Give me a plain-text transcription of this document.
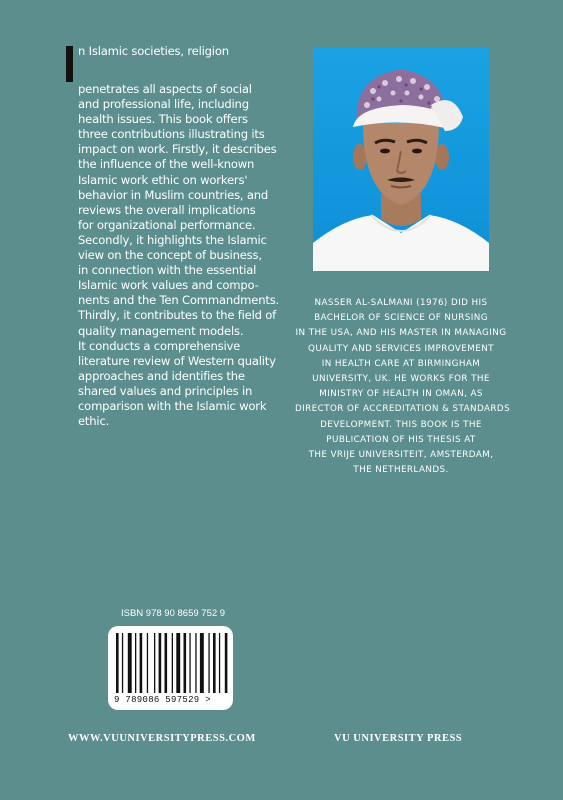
n Islamic societies, religion
penetrates all aspects of social
and professional life, including
health issues. This book offers
three contributions illustrating its
impact on work. Firstly, it describes
the influence of the well-known
Islamic work ethic on workers'
behavior in Muslim countries, and
reviews the overall implications
for organizational performance.
Secondly, it highlights the Islamic
view on the concept of business,
in connection with the essential
Islamic work values and compo-
nents and the Ten Commandments.
Thirdly, it contributes to the field of
quality management models.
It conducts a comprehensive
literature review of Western quality
approaches and identifies the
shared values and principles in
comparison with the Islamic work
ethic.
NASSER AL-SALMANI (1976) DID HIS
BACHELOR OF SCIENCE OF NURSING
IN THE USA, AND HIS MASTER IN MANAGING
QUALITY AND SERVICES IMPROVEMENT
IN HEALTH CARE AT BIRMINGHAM
UNIVERSITY, UK. HE WORKS FOR THE
MINISTRY OF HEALTH IN OMAN, AS
DIRECTOR OF ACCREDITATION & STANDARDS
DEVELOPMENT. THIS BOOK IS THE
PUBLICATION OF HIS THESIS AT
THE VRIJE UNIVERSITEIT, AMSTERDAM,
THE NETHERLANDS.
ISBN 978 90 8659 752 9
9 789086 597529 >
WWW.VUUNIVERSITYPRESS.COM	VU UNIVERSITY PRESS
